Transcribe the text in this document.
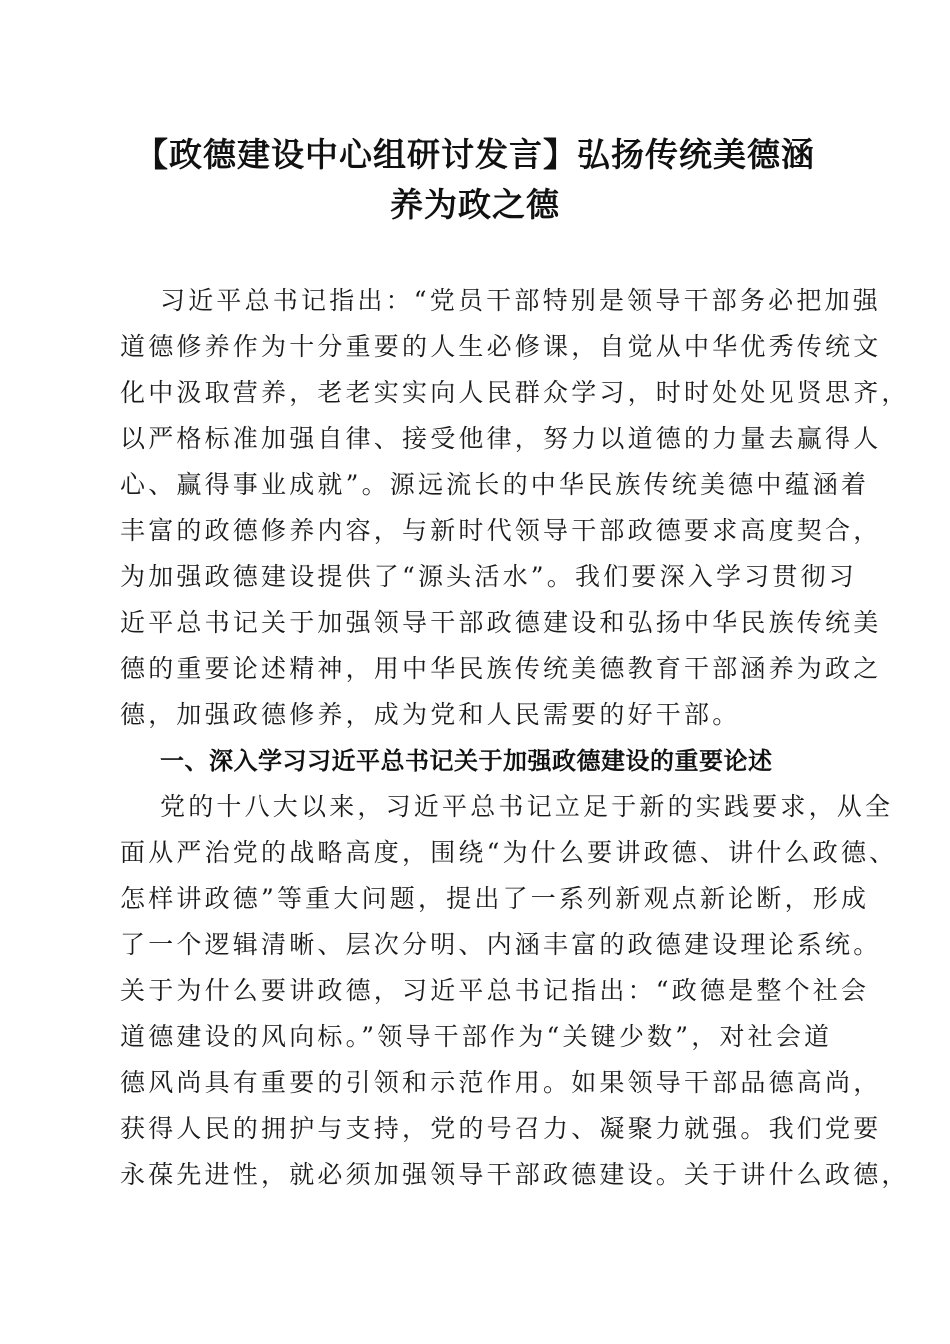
【政德建设中心组研讨发言】弘扬传统美德涵
养为政之德
习近平总书记指出：“党员干部特别是领导干部务必把加强
道德修养作为十分重要的人生必修课，自觉从中华优秀传统文
化中汲取营养，老老实实向人民群众学习，时时处处见贤思齐，
以严格标准加强自律、接受他律，努力以道德的力量去赢得人
心、赢得事业成就”。源远流长的中华民族传统美德中蕴涵着
丰富的政德修养内容，与新时代领导干部政德要求高度契合，
为加强政德建设提供了“源头活水”。我们要深入学习贯彻习
近平总书记关于加强领导干部政德建设和弘扬中华民族传统美
德的重要论述精神，用中华民族传统美德教育干部涵养为政之
德，加强政德修养，成为党和人民需要的好干部。
一、深入学习习近平总书记关于加强政德建设的重要论述
党的十八大以来，习近平总书记立足于新的实践要求，从全
面从严治党的战略高度，围绕“为什么要讲政德、讲什么政德、
怎样讲政德”等重大问题，提出了一系列新观点新论断，形成
了一个逻辑清晰、层次分明、内涵丰富的政德建设理论系统。
关于为什么要讲政德，习近平总书记指出：“政德是整个社会
道德建设的风向标。”领导干部作为“关键少数”，对社会道
德风尚具有重要的引领和示范作用。如果领导干部品德高尚，
获得人民的拥护与支持，党的号召力、凝聚力就强。我们党要
永葆先进性，就必须加强领导干部政德建设。关于讲什么政德，
